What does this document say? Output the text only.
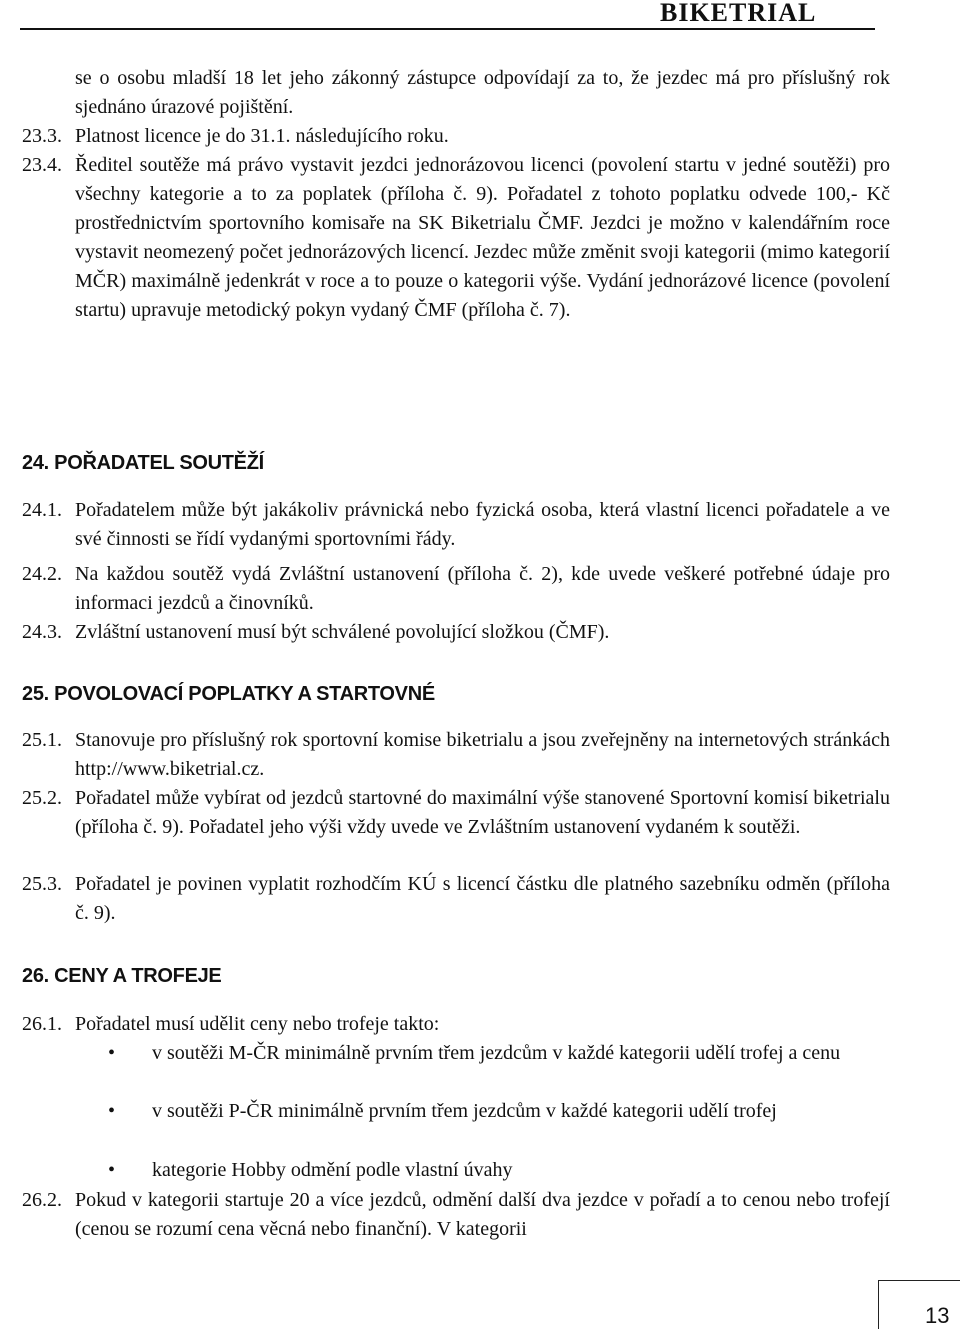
BIKETRIAL
se o osobu mladší 18 let jeho zákonný zástupce odpovídají za to, že jezdec má pro příslušný rok sjednáno úrazové pojištění.
23.3. Platnost licence je do 31.1. následujícího roku.
23.4. Ředitel soutěže má právo vystavit jezdci jednorázovou licenci (povolení startu v jedné soutěži) pro všechny kategorie a to za poplatek (příloha č. 9). Pořadatel z tohoto poplatku odvede 100,- Kč prostřednictvím sportovního komisaře na SK Biketrialu ČMF. Jezdci je možno v kalendářním roce vystavit neomezený počet jednorázových licencí. Jezdec může změnit svoji kategorii (mimo kategorií MČR) maximálně jedenkrát v roce a to pouze o kategorii výše. Vydání jednorázové licence (povolení startu) upravuje metodický pokyn vydaný ČMF (příloha č. 7).
24. POŘADATEL SOUTĚŽÍ
24.1. Pořadatelem může být jakákoliv právnická nebo fyzická osoba, která vlastní licenci pořadatele a ve své činnosti se řídí vydanými sportovními řády.
24.2. Na každou soutěž vydá Zvláštní ustanovení (příloha č. 2), kde uvede veškeré potřebné údaje pro informaci jezdců a činovníků.
24.3. Zvláštní ustanovení musí být schválené povolující složkou (ČMF).
25. POVOLOVACÍ POPLATKY A STARTOVNÉ
25.1. Stanovuje pro příslušný rok sportovní komise biketrialu a jsou zveřejněny na internetových stránkách http://www.biketrial.cz.
25.2. Pořadatel může vybírat od jezdců startovné do maximální výše stanovené Sportovní komisí biketrialu (příloha č. 9). Pořadatel jeho výši vždy uvede ve Zvláštním ustanovení vydaném k soutěži.
25.3. Pořadatel je povinen vyplatit rozhodčím KÚ s licencí částku dle platného sazebníku odměn (příloha č. 9).
26. CENY A TROFEJE
26.1. Pořadatel musí udělit ceny nebo trofeje takto:
• v soutěži M-ČR minimálně prvním třem jezdcům v každé kategorii udělí trofej a cenu
• v soutěži P-ČR minimálně prvním třem jezdcům v každé kategorii udělí trofej
• kategorie Hobby odmění podle vlastní úvahy
26.2. Pokud v kategorii startuje 20 a více jezdců, odmění další dva jezdce v pořadí a to cenou nebo trofejí (cenou se rozumí cena věcná nebo finanční). V kategorii
13
